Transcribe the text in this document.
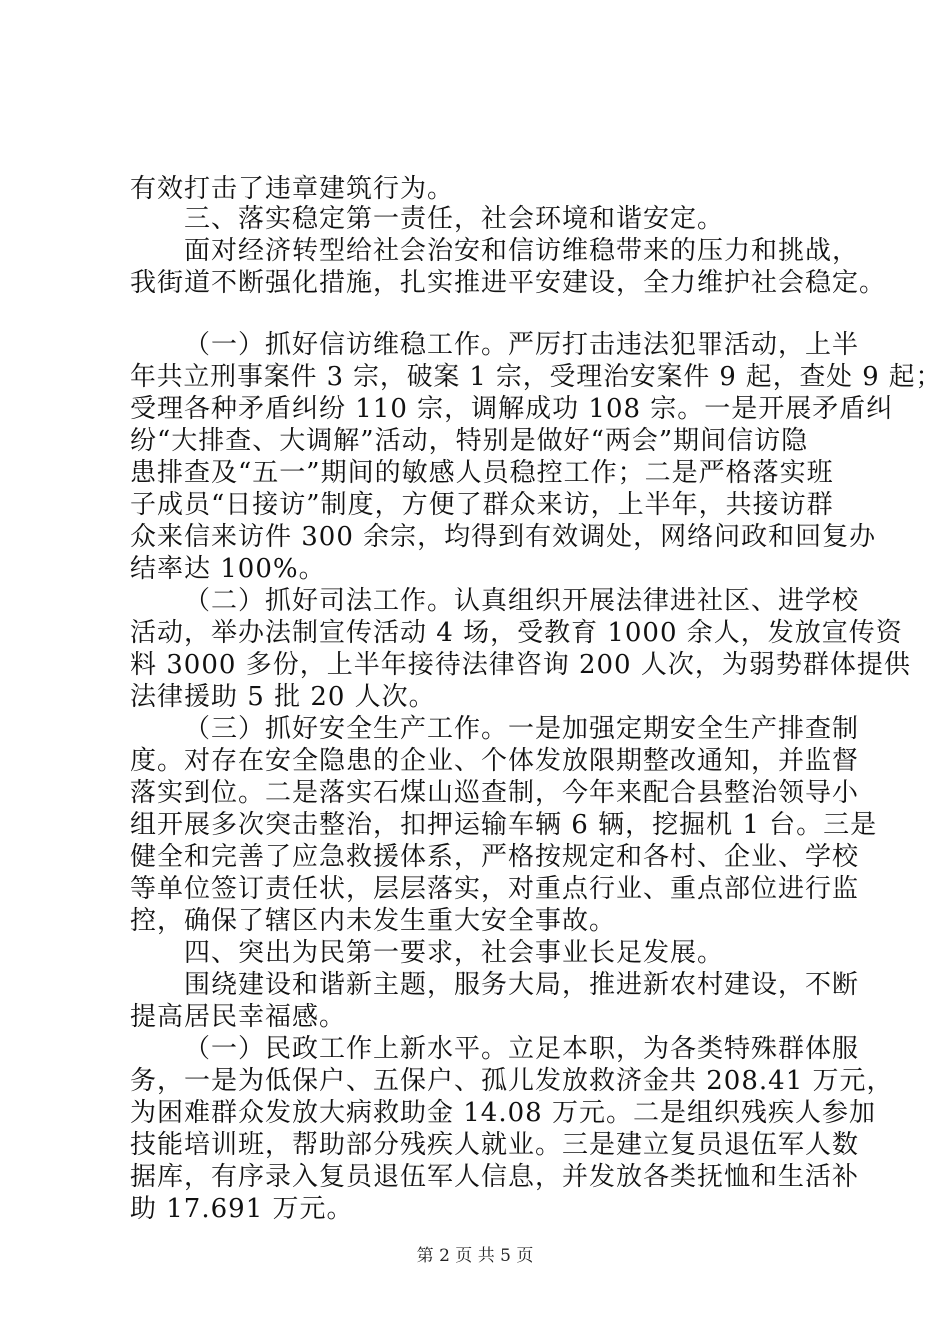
有效打击了违章建筑行为。
三、落实稳定第一责任，社会环境和谐安定。
面对经济转型给社会治安和信访维稳带来的压力和挑战，
我街道不断强化措施，扎实推进平安建设，全力维护社会稳定。
（一）抓好信访维稳工作。严厉打击违法犯罪活动，上半
年共立刑事案件 3 宗，破案 1 宗，受理治安案件 9 起，查处 9 起；
受理各种矛盾纠纷 110 宗，调解成功 108 宗。一是开展矛盾纠
纷“大排查、大调解”活动，特别是做好“两会”期间信访隐
患排查及“五一”期间的敏感人员稳控工作；二是严格落实班
子成员“日接访”制度，方便了群众来访，上半年，共接访群
众来信来访件 300 余宗，均得到有效调处，网络问政和回复办
结率达 100%。
（二）抓好司法工作。认真组织开展法律进社区、进学校
活动，举办法制宣传活动 4 场，受教育 1000 余人，发放宣传资
料 3000 多份，上半年接待法律咨询 200 人次，为弱势群体提供
法律援助 5 批 20 人次。
（三）抓好安全生产工作。一是加强定期安全生产排查制
度。对存在安全隐患的企业、个体发放限期整改通知，并监督
落实到位。二是落实石煤山巡查制，今年来配合县整治领导小
组开展多次突击整治，扣押运输车辆 6 辆，挖掘机 1 台。三是
健全和完善了应急救援体系，严格按规定和各村、企业、学校
等单位签订责任状，层层落实，对重点行业、重点部位进行监
控，确保了辖区内未发生重大安全事故。
四、突出为民第一要求，社会事业长足发展。
围绕建设和谐新主题，服务大局，推进新农村建设，不断
提高居民幸福感。
（一）民政工作上新水平。立足本职，为各类特殊群体服
务，一是为低保户、五保户、孤儿发放救济金共 208.41 万元，
为困难群众发放大病救助金 14.08 万元。二是组织残疾人参加
技能培训班，帮助部分残疾人就业。三是建立复员退伍军人数
据库，有序录入复员退伍军人信息，并发放各类抚恤和生活补
助 17.691 万元。
第 2 页 共 5 页
